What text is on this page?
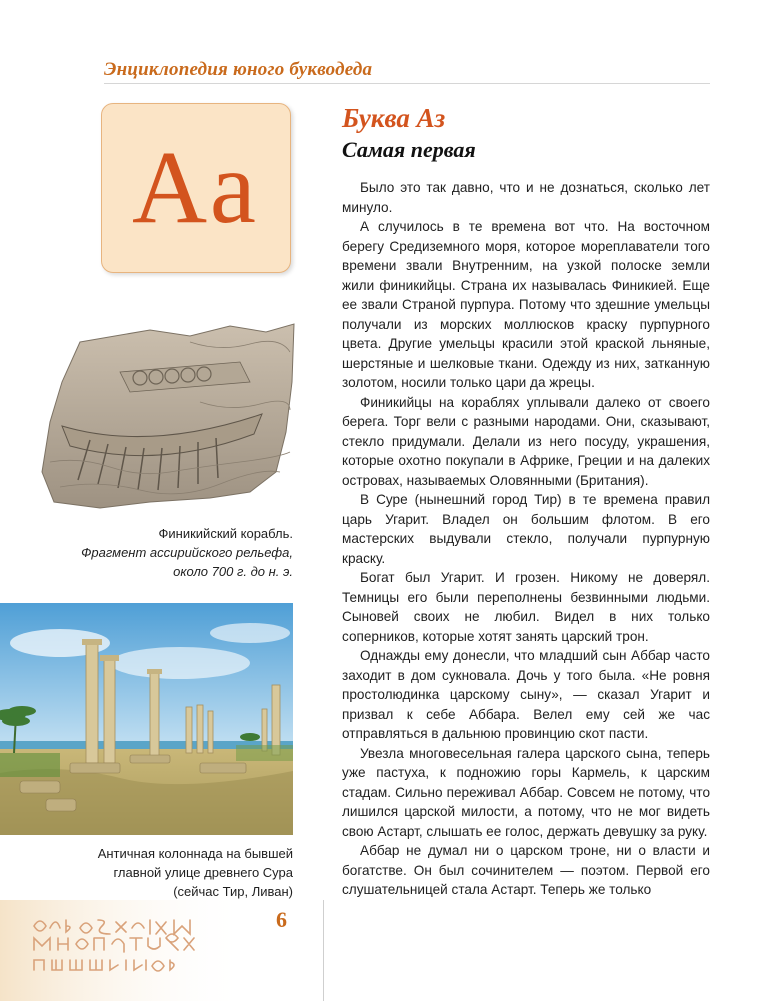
Энциклопедия юного букводеда
Аа
Буква Аз
Самая первая

Было это так давно, что и не дознаться, сколько лет минуло.

А случилось в те времена вот что. На восточном берегу Средиземного моря, которое мореплаватели того времени звали Внутренним, на узкой полоске земли жили финикийцы. Страна их называлась Финикией. Еще ее звали Страной пурпура. Потому что здешние умельцы получали из морских моллюсков краску пурпурного цвета. Другие умельцы красили этой краской льняные, шерстяные и шелковые ткани. Одежду из них, затканную золотом, носили только цари да жрецы.

Финикийцы на кораблях уплывали далеко от своего берега. Торг вели с разными народами. Они, сказывают, стекло придумали. Делали из него посуду, украшения, которые охотно покупали в Африке, Греции и на далеких островах, называемых Оловянными (Британия).

В Суре (нынешний город Тир) в те времена правил царь Угарит. Владел он большим флотом. В его мастерских выдували стекло, получали пурпурную краску.

Богат был Угарит. И грозен. Никому не доверял. Темницы его были переполнены безвинными людьми. Сыновей своих не любил. Видел в них только соперников, которые хотят занять царский трон.

Однажды ему донесли, что младший сын Аббар часто заходит в дом сукновала. Дочь у того была. «Не ровня простолюдинка царскому сыну», — сказал Угарит и призвал к себе Аббара. Велел ему сей же час отправляться в дальнюю провинцию скот пасти.

Увезла многовесельная галера царского сына, теперь уже пастуха, к подножию горы Кармель, к царским стадам. Сильно переживал Аббар. Совсем не потому, что лишился царской милости, а потому, что не мог видеть свою Астарт, слышать ее голос, держать девушку за руку.

Аббар не думал ни о царском троне, ни о власти и богатстве. Он был сочинителем — поэтом. Первой его слушательницей стала Астарт. Теперь же только

Финикийский корабль.
Фрагмент ассирийского рельефа,
около 700 г. до н. э.
Античная колоннада на бывшей
главной улице древнего Сура
(сейчас Тир, Ливан)
6
